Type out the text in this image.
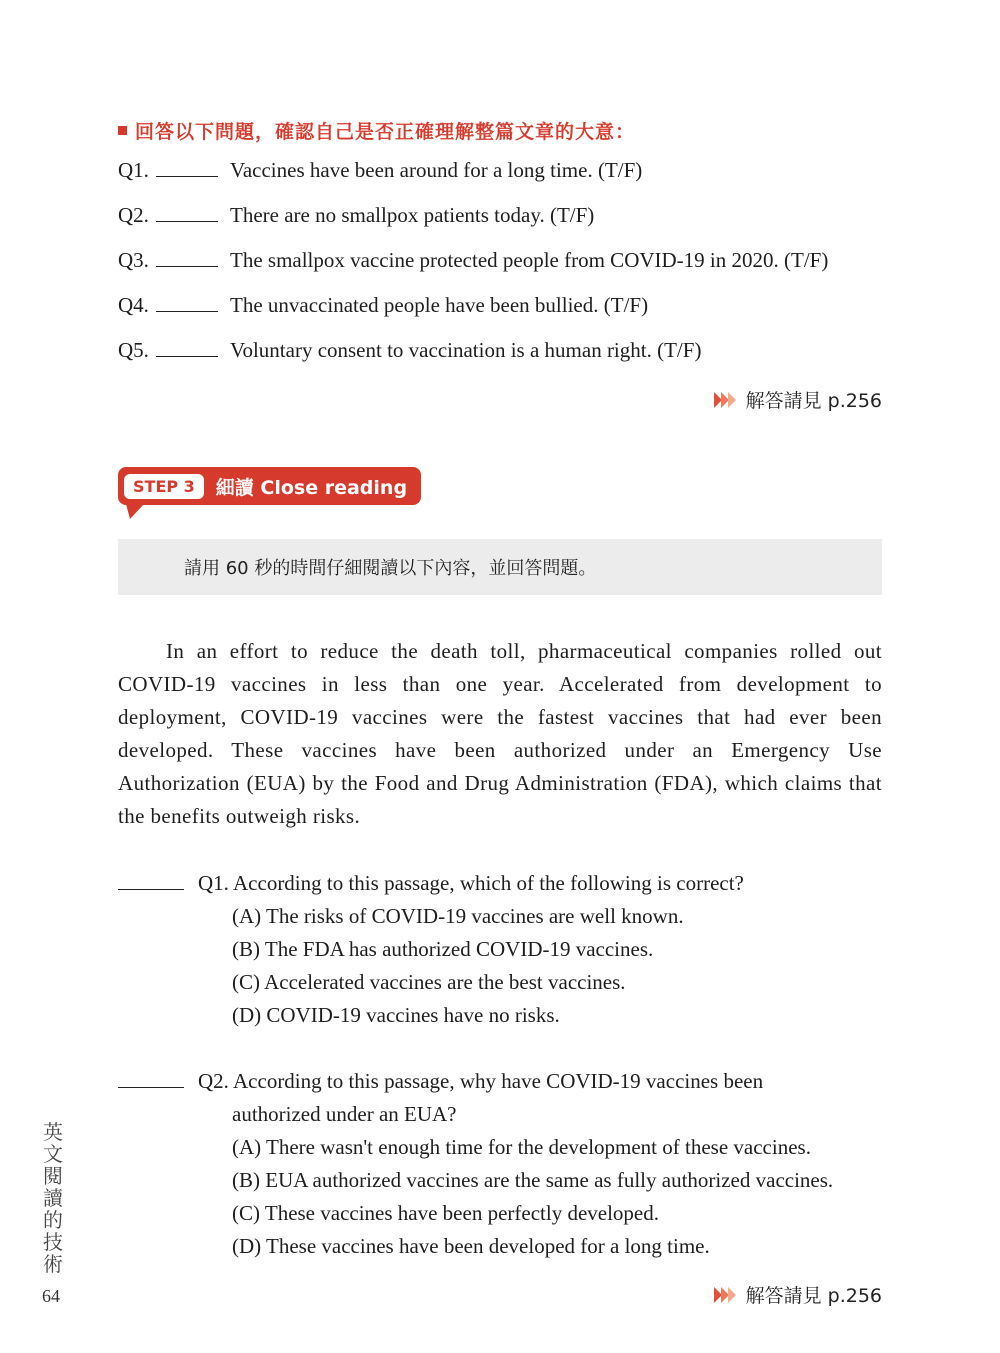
回答以下問題，確認自己是否正確理解整篇文章的大意：
Q1.	Vaccines have been around for a long time. (T/F)
Q2.	There are no smallpox patients today. (T/F)
Q3.	The smallpox vaccine protected people from COVID-19 in 2020. (T/F)
Q4.	The unvaccinated people have been bullied. (T/F)
Q5.	Voluntary consent to vaccination is a human right. (T/F)
解答請見 p.256
STEP 3	細讀 Close reading
請用 60 秒的時間仔細閱讀以下內容，並回答問題。
In an effort to reduce the death toll, pharmaceutical companies rolled out COVID-19 vaccines in less than one year. Accelerated from development to deployment, COVID-19 vaccines were the fastest vaccines that had ever been developed. These vaccines have been authorized under an Emergency Use Authorization (EUA) by the Food and Drug Administration (FDA), which claims that the benefits outweigh risks.
Q1. According to this passage, which of the following is correct?
(A) The risks of COVID-19 vaccines are well known.
(B) The FDA has authorized COVID-19 vaccines.
(C) Accelerated vaccines are the best vaccines.
(D) COVID-19 vaccines have no risks.
Q2. According to this passage, why have COVID-19 vaccines been
authorized under an EUA?
(A) There wasn't enough time for the development of these vaccines.
(B) EUA authorized vaccines are the same as fully authorized vaccines.
(C) These vaccines have been perfectly developed.
(D) These vaccines have been developed for a long time.
解答請見 p.256
英文閱讀的技術
64
